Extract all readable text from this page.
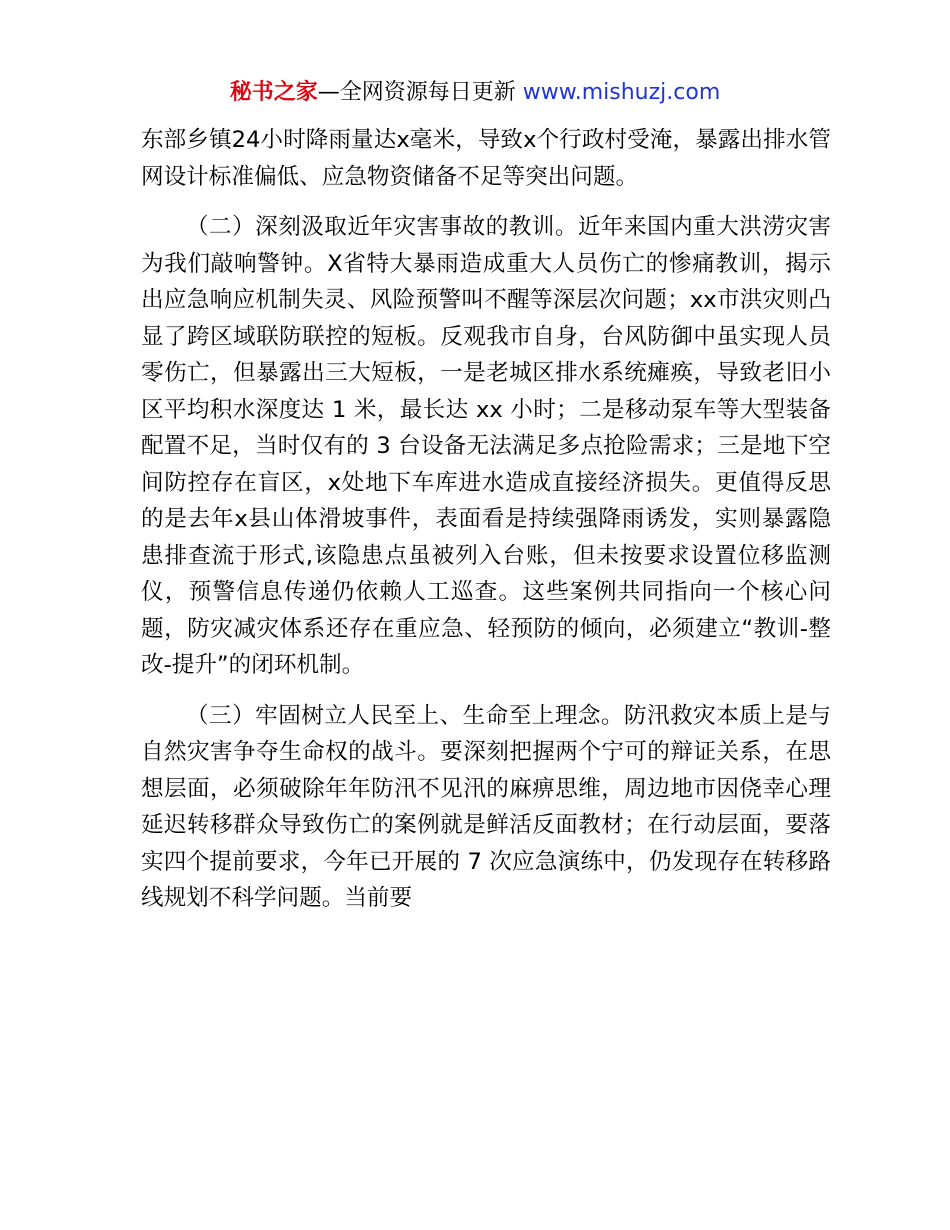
秘书之家—全网资源每日更新 www.mishuzj.com

东部乡镇24小时降雨量达x毫米，导致x个行政村受淹，暴露出排水管网设计标准偏低、应急物资储备不足等突出问题。

（二）深刻汲取近年灾害事故的教训。近年来国内重大洪涝灾害为我们敲响警钟。X省特大暴雨造成重大人员伤亡的惨痛教训，揭示出应急响应机制失灵、风险预警叫不醒等深层次问题；xx市洪灾则凸显了跨区域联防联控的短板。反观我市自身，台风防御中虽实现人员零伤亡，但暴露出三大短板，一是老城区排水系统瘫痪，导致老旧小区平均积水深度达 1 米，最长达 xx 小时；二是移动泵车等大型装备配置不足，当时仅有的 3 台设备无法满足多点抢险需求；三是地下空间防控存在盲区，x处地下车库进水造成直接经济损失。更值得反思的是去年x县山体滑坡事件，表面看是持续强降雨诱发，实则暴露隐患排查流于形式,该隐患点虽被列入台账，但未按要求设置位移监测仪，预警信息传递仍依赖人工巡查。这些案例共同指向一个核心问题，防灾减灾体系还存在重应急、轻预防的倾向，必须建立“教训-整改-提升”的闭环机制。

（三）牢固树立人民至上、生命至上理念。防汛救灾本质上是与自然灾害争夺生命权的战斗。要深刻把握两个宁可的辩证关系，在思想层面，必须破除年年防汛不见汛的麻痹思维，周边地市因侥幸心理延迟转移群众导致伤亡的案例就是鲜活反面教材；在行动层面，要落实四个提前要求，今年已开展的 7 次应急演练中，仍发现存在转移路线规划不科学问题。当前要
